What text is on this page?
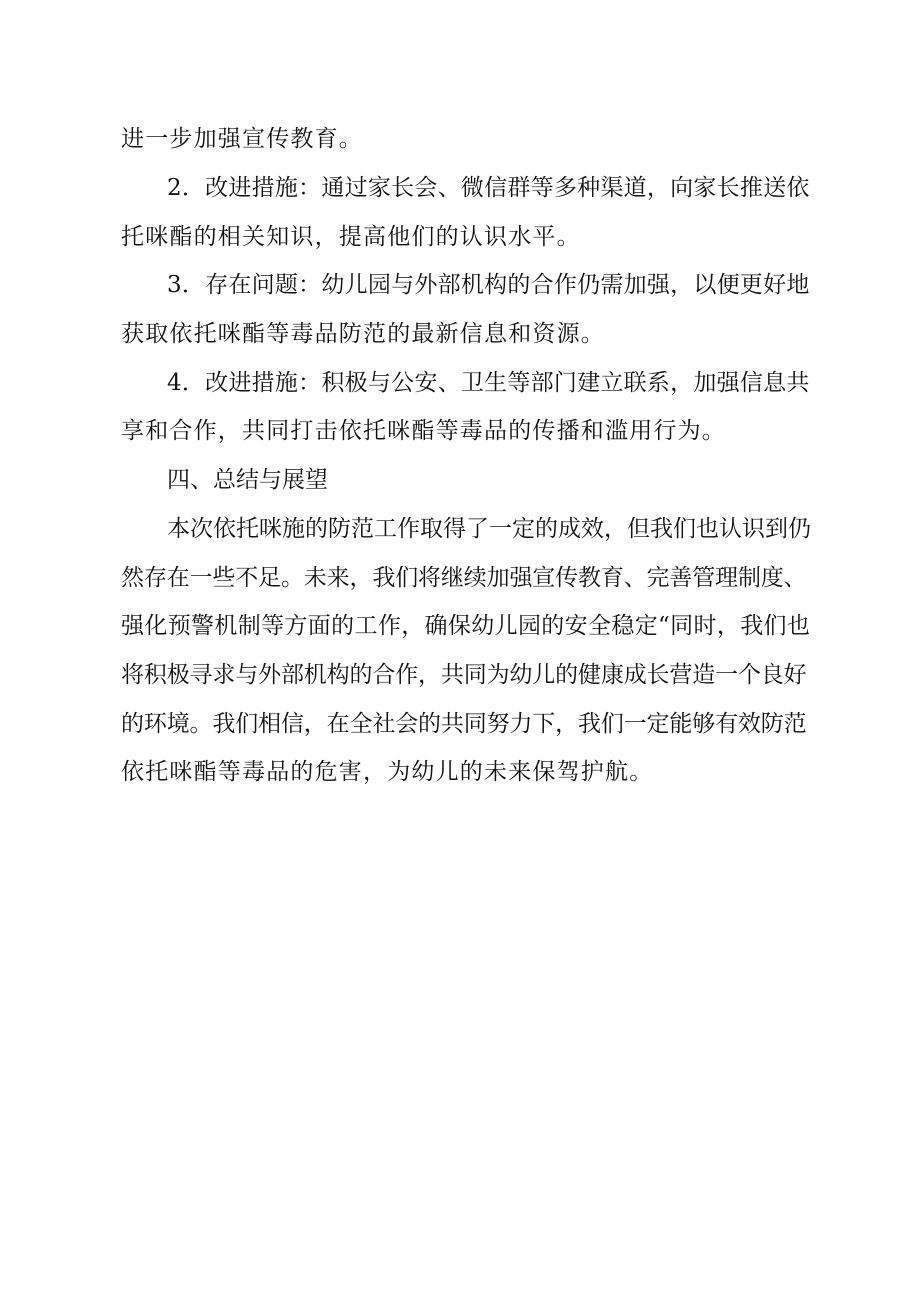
进一步加强宣传教育。
2．改进措施：通过家长会、微信群等多种渠道，向家长推送依
托咪酯的相关知识，提高他们的认识水平。
3．存在问题：幼儿园与外部机构的合作仍需加强，以便更好地
获取依托咪酯等毒品防范的最新信息和资源。
4．改进措施：积极与公安、卫生等部门建立联系，加强信息共
享和合作，共同打击依托咪酯等毒品的传播和滥用行为。
四、总结与展望
本次依托咪施的防范工作取得了一定的成效，但我们也认识到仍
然存在一些不足。未来，我们将继续加强宣传教育、完善管理制度、
强化预警机制等方面的工作，确保幼儿园的安全稳定“同时，我们也
将积极寻求与外部机构的合作，共同为幼儿的健康成长营造一个良好
的环境。我们相信，在全社会的共同努力下，我们一定能够有效防范
依托咪酯等毒品的危害，为幼儿的未来保驾护航。
